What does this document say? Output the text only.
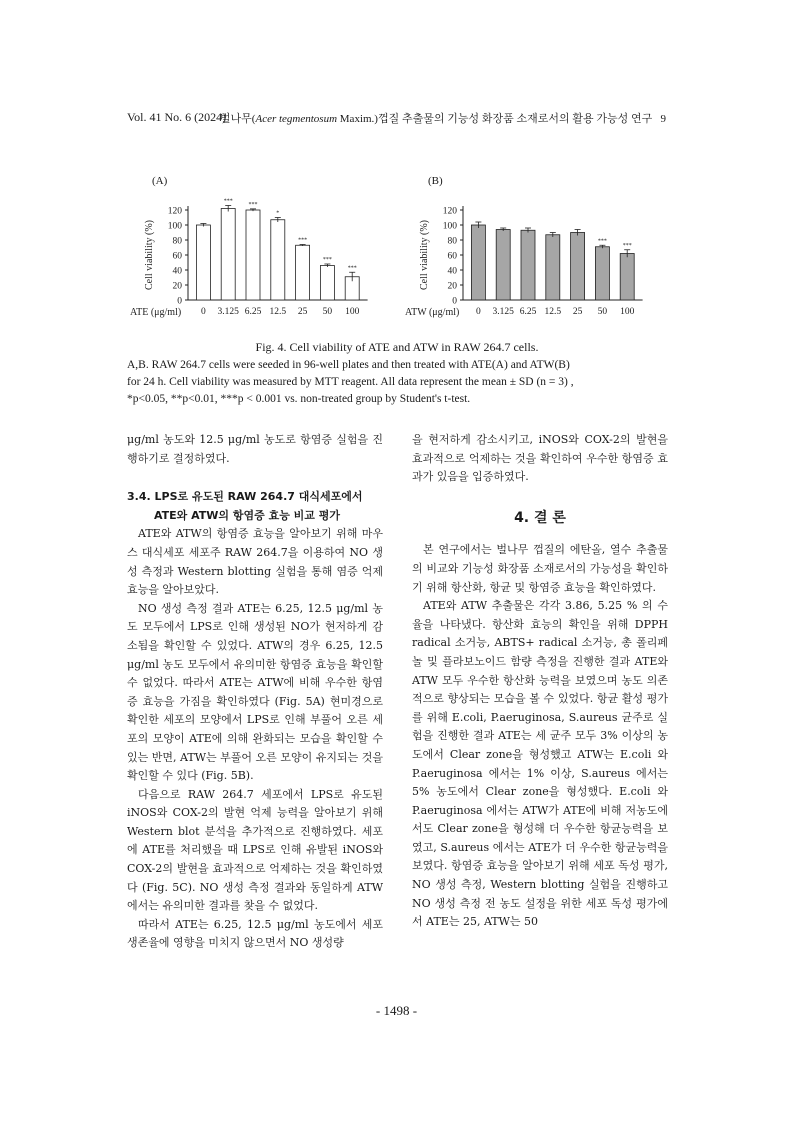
Vol. 41 No. 6 (2024)
벌나무(Acer tegmentosum Maxim.)껍질 추출물의 기능성 화장품 소재로서의 활용 가능성 연구 9
(A)	(B)
0
20
40
60
80
100
120
Cell viability (%)
0
***
3.125
***
6.25
*
12.5
***
25
***
50
***
100
ATE (μg/ml)
0
20
40
60
80
100
120
Cell viability (%)
0 3.125 6.25 12.5 25
***
50
***
100
ATW (μg/ml)
Fig. 4. Cell viability of ATE and ATW in RAW 264.7 cells.
A,B. RAW 264.7 cells were seeded in 96-well plates and then treated with ATE(A) and ATW(B)
for 24 h. Cell viability was measured by MTT reagent. All data represent the mean ± SD (n = 3) ,
*p<0.05, **p<0.01, ***p < 0.001 vs. non-treated group by Student's t-test.

μg/ml 농도와 12.5 μg/ml 농도로 항염증 실험을 진행하기로 결정하였다.

3.4. LPS로 유도된 RAW 264.7 대식세포에서

ATE와 ATW의 항염증 효능 비교 평가

ATE와 ATW의 항염증 효능을 알아보기 위해 마우스 대식세포 세포주 RAW 264.7을 이용하여 NO 생성 측정과 Western blotting 실험을 통해 염증 억제 효능을 알아보았다.

NO 생성 측정 결과 ATE는 6.25, 12.5 μg/ml 농도 모두에서 LPS로 인해 생성된 NO가 현저하게 감소됨을 확인할 수 있었다. ATW의 경우 6.25, 12.5 μg/ml 농도 모두에서 유의미한 항염증 효능을 확인할 수 없었다. 따라서 ATE는 ATW에 비해 우수한 항염증 효능을 가짐을 확인하였다 (Fig. 5A) 현미경으로 확인한 세포의 모양에서 LPS로 인해 부풀어 오른 세포의 모양이 ATE에 의해 완화되는 모습을 확인할 수 있는 반면, ATW는 부풀어 오른 모양이 유지되는 것을 확인할 수 있다 (Fig. 5B).

다음으로 RAW 264.7 세포에서 LPS로 유도된 iNOS와 COX-2의 발현 억제 능력을 알아보기 위해 Western blot 분석을 추가적으로 진행하였다. 세포에 ATE를 처리했을 때 LPS로 인해 유발된 iNOS와 COX-2의 발현을 효과적으로 억제하는 것을 확인하였다 (Fig. 5C). NO 생성 측정 결과와 동일하게 ATW에서는 유의미한 결과를 찾을 수 없었다.

따라서 ATE는 6.25, 12.5 μg/ml 농도에서 세포 생존율에 영향을 미치지 않으면서 NO 생성량

을 현저하게 감소시키고, iNOS와 COX-2의 발현을 효과적으로 억제하는 것을 확인하여 우수한 항염증 효과가 있음을 입증하였다.

4. 결 론

본 연구에서는 벌나무 껍질의 에탄올, 열수 추출물의 비교와 기능성 화장품 소재로서의 가능성을 확인하기 위해 항산화, 항균 및 항염증 효능을 확인하였다.

ATE와 ATW 추출물은 각각 3.86, 5.25 % 의 수율을 나타냈다. 항산화 효능의 확인을 위해 DPPH radical 소거능, ABTS+ radical 소거능, 총 폴리페놀 및 플라보노이드 함량 측정을 진행한 결과 ATE와 ATW 모두 우수한 항산화 능력을 보였으며 농도 의존적으로 향상되는 모습을 볼 수 있었다. 항균 활성 평가를 위해 E.coli, P.aeruginosa, S.aureus 균주로 실험을 진행한 결과 ATE는 세 균주 모두 3% 이상의 농도에서 Clear zone을 형성했고 ATW는 E.coli 와 P.aeruginosa 에서는 1% 이상, S.aureus 에서는 5% 농도에서 Clear zone을 형성했다. E.coli 와 P.aeruginosa 에서는 ATW가 ATE에 비해 저농도에서도 Clear zone을 형성해 더 우수한 항균능력을 보였고, S.aureus 에서는 ATE가 더 우수한 항균능력을 보였다. 항염증 효능을 알아보기 위해 세포 독성 평가, NO 생성 측정, Western blotting 실험을 진행하고 NO 생성 측정 전 농도 설정을 위한 세포 독성 평가에서 ATE는 25, ATW는 50

- 1498 -
